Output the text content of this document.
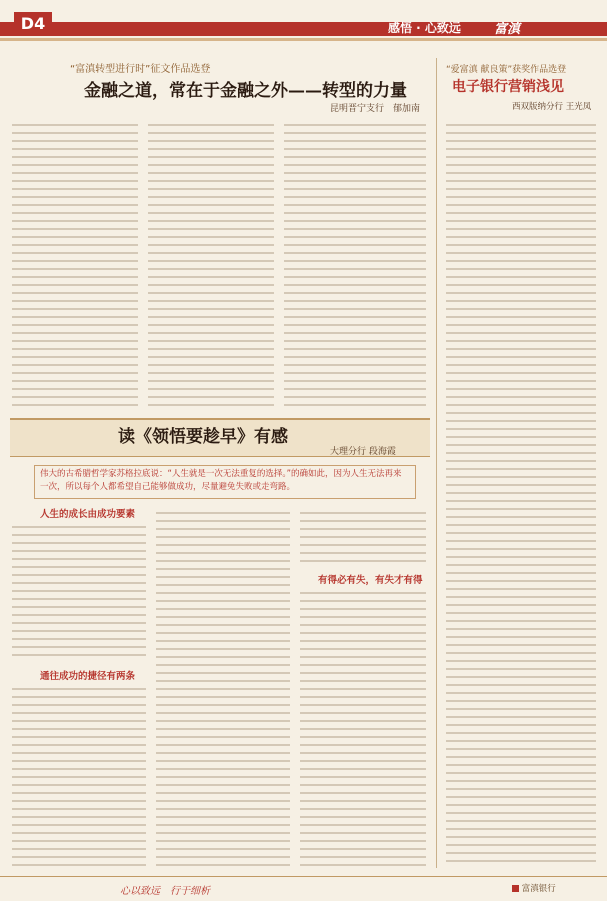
D4	感悟 · 心致远	富滇
“富滇转型进行时”征文作品选登
金融之道，常在于金融之外——转型的力量
昆明晋宁支行　郁加南
读《领悟要趁早》有感
大理分行 段海霞
伟大的古希腊哲学家苏格拉底说：“人生就是一次无法重复的选择。”的确如此，因为人生无法再来一次，所以每个人都希望自己能够做成功，尽量避免失败或走弯路。
人生的成长由成功要素
通往成功的捷径有两条
有得必有失，有失才有得
“爱富滇 献良策”获奖作品选登
电子银行营销浅见
西双版纳分行 王光凤
心以致远　行于细析	富滇银行
